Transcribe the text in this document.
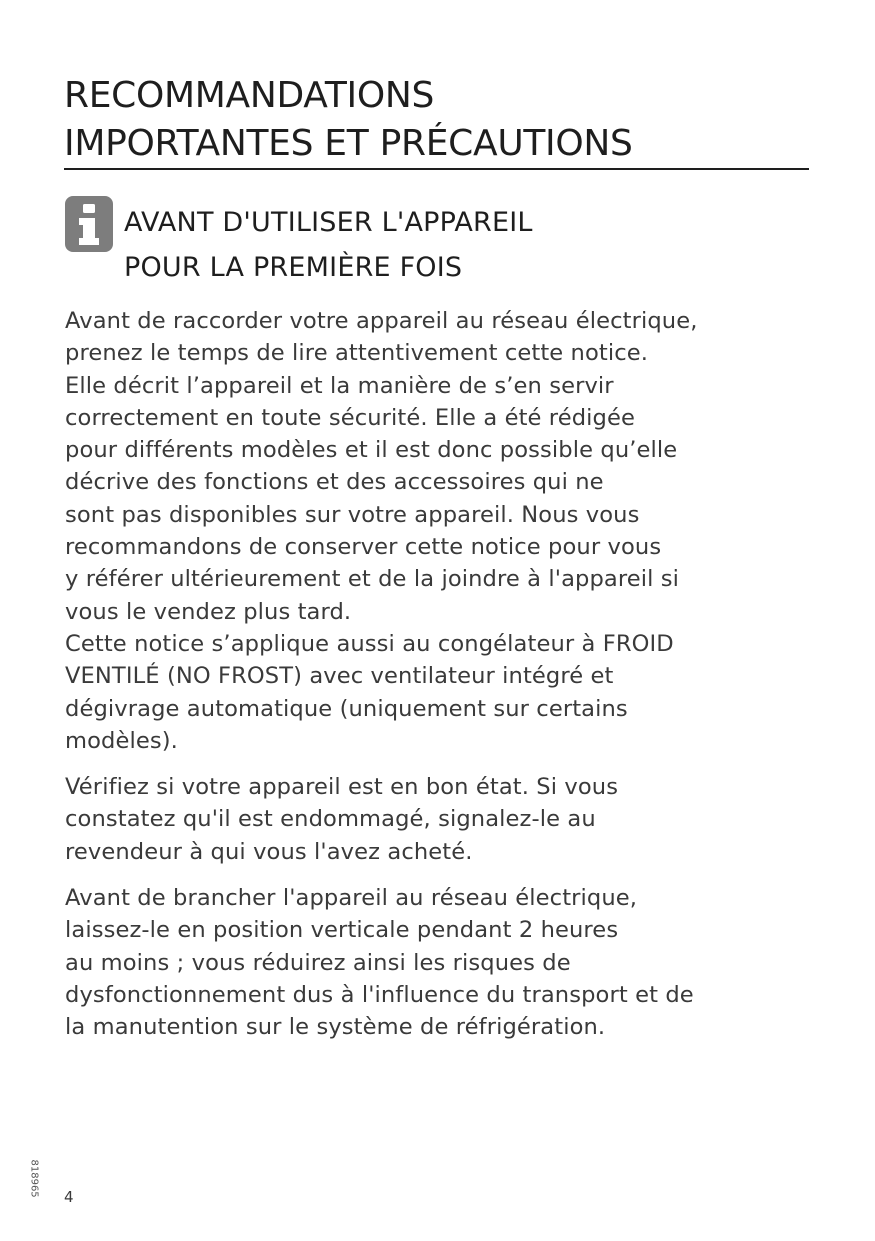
RECOMMANDATIONS
IMPORTANTES ET PRÉCAUTIONS
AVANT D'UTILISER L'APPAREIL
POUR LA PREMIÈRE FOIS

Avant de raccorder votre appareil au réseau électrique,
prenez le temps de lire attentivement cette notice.
Elle décrit l’appareil et la manière de s’en servir
correctement en toute sécurité. Elle a été rédigée
pour différents modèles et il est donc possible qu’elle
décrive des fonctions et des accessoires qui ne
sont pas disponibles sur votre appareil. Nous vous
recommandons de conserver cette notice pour vous
y référer ultérieurement et de la joindre à l'appareil si
vous le vendez plus tard.
Cette notice s’applique aussi au congélateur à FROID
VENTILÉ (NO FROST) avec ventilateur intégré et
dégivrage automatique (uniquement sur certains
modèles).

Vérifiez si votre appareil est en bon état. Si vous
constatez qu'il est endommagé, signalez-le au
revendeur à qui vous l'avez acheté.

Avant de brancher l'appareil au réseau électrique,
laissez-le en position verticale pendant 2 heures
au moins ; vous réduirez ainsi les risques de
dysfonctionnement dus à l'influence du transport et de
la manutention sur le système de réfrigération.

818965 4
